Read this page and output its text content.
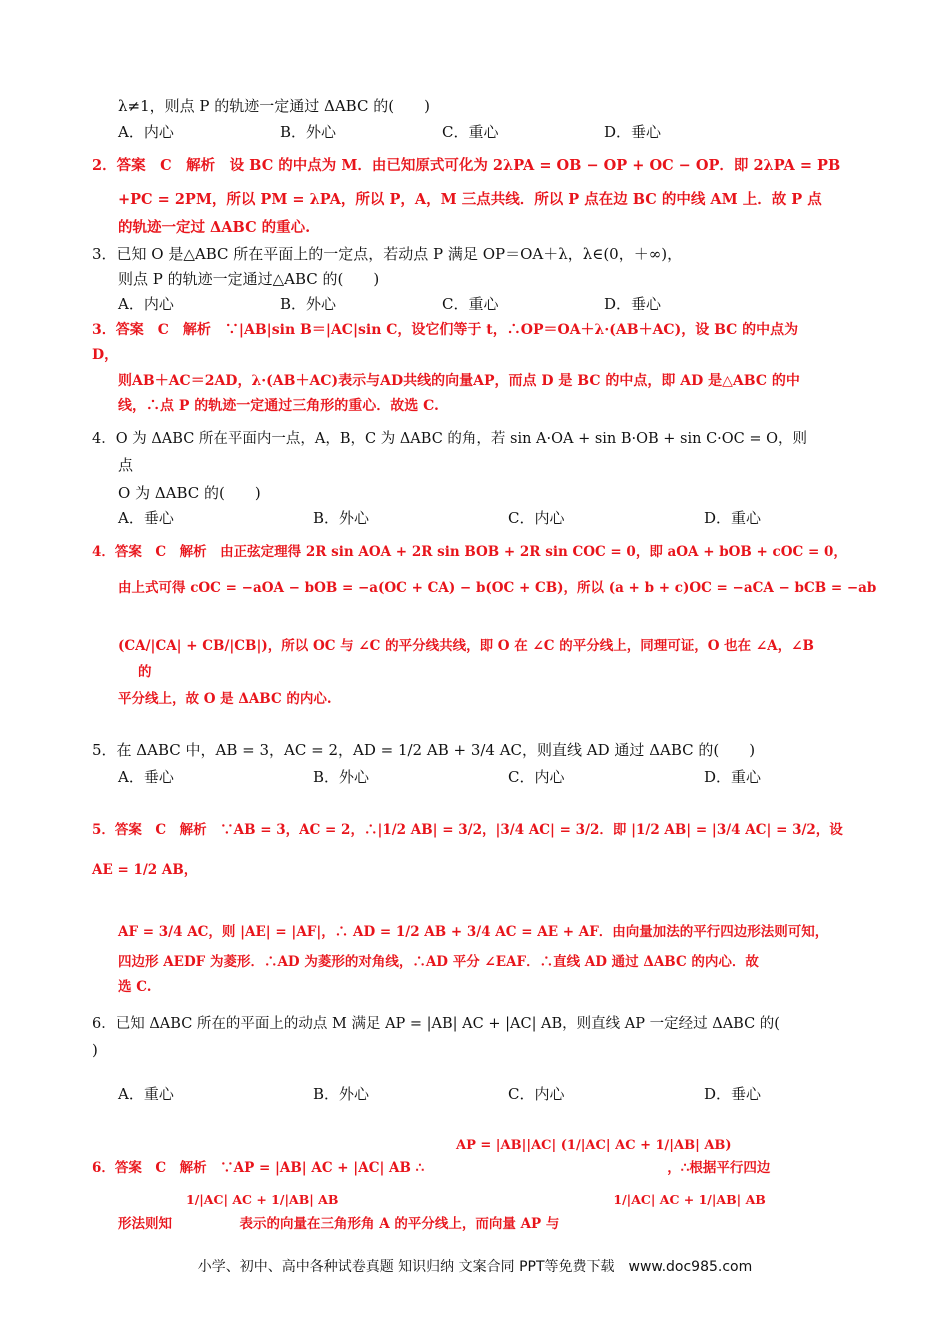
λ≠1，则点 P 的轨迹一定通过 ΔABC 的(　　)
A．内心	B．外心	C．重心	D．垂心
2．答案　C　解析　设 BC 的中点为 M．由已知原式可化为 2λPA = OB − OP + OC − OP．即 2λPA = PB
+PC = 2PM，所以 PM = λPA，所以 P，A，M 三点共线．所以 P 点在边 BC 的中线 AM 上．故 P 点
的轨迹一定过 ΔABC 的重心.
3．已知 O 是△ABC 所在平面上的一定点，若动点 P 满足 OP＝OA＋λ，λ∈(0，＋∞)，
则点 P 的轨迹一定通过△ABC 的(　　)
A．内心	B．外心	C．重心	D．垂心
3．答案　C　解析　∵|AB|sin B＝|AC|sin C，设它们等于 t，∴OP＝OA＋λ·(AB＋AC)，设 BC 的中点为
D，
则AB＋AC＝2AD，λ·(AB＋AC)表示与AD共线的向量AP，而点 D 是 BC 的中点，即 AD 是△ABC 的中
线，∴点 P 的轨迹一定通过三角形的重心．故选 C.
4．O 为 ΔABC 所在平面内一点，A，B，C 为 ΔABC 的角，若 sin A·OA + sin B·OB + sin C·OC = O，则
点
O 为 ΔABC 的(　　)
A．垂心	B．外心	C．内心	D．重心
4．答案　C　解析　由正弦定理得 2R sin AOA + 2R sin BOB + 2R sin COC = 0，即 aOA + bOB + cOC = 0，
由上式可得 cOC = −aOA − bOB = −a(OC + CA) − b(OC + CB)，所以 (a + b + c)OC = −aCA − bCB = −ab
(CA/|CA| + CB/|CB|)，所以 OC 与 ∠C 的平分线共线，即 O 在 ∠C 的平分线上，同理可证，O 也在 ∠A，∠B
的
平分线上，故 O 是 ΔABC 的内心.
5．在 ΔABC 中，AB = 3，AC = 2，AD = 1/2 AB + 3/4 AC，则直线 AD 通过 ΔABC 的(　　)
A．垂心	B．外心	C．内心	D．重心
5．答案　C　解析　∵AB = 3，AC = 2，∴|1/2 AB| = 3/2，|3/4 AC| = 3/2．即 |1/2 AB| = |3/4 AC| = 3/2，设
AE = 1/2 AB，
AF = 3/4 AC，则 |AE| = |AF|，∴ AD = 1/2 AB + 3/4 AC = AE + AF．由向量加法的平行四边形法则可知，
四边形 AEDF 为菱形．∴AD 为菱形的对角线，∴AD 平分 ∠EAF．∴直线 AD 通过 ΔABC 的内心．故
选 C.
6．已知 ΔABC 所在的平面上的动点 M 满足 AP = |AB| AC + |AC| AB，则直线 AP 一定经过 ΔABC 的(
)
A．重心	B．外心	C．内心	D．垂心
AP = |AB||AC| (1/|AC| AC + 1/|AB| AB)
6．答案　C　解析　∵AP = |AB| AC + |AC| AB ∴　　　　　　　　　　　　　　　　　　，∴根据平行四边
1/|AC| AC + 1/|AB| AB　　　　　　　　　　　　　　　　　　　　　　1/|AC| AC + 1/|AB| AB
形法则知　　　　　表示的向量在三角形角 A 的平分线上，而向量 AP 与
小学、初中、高中各种试卷真题 知识归纳 文案合同 PPT等免费下载　www.doc985.com
